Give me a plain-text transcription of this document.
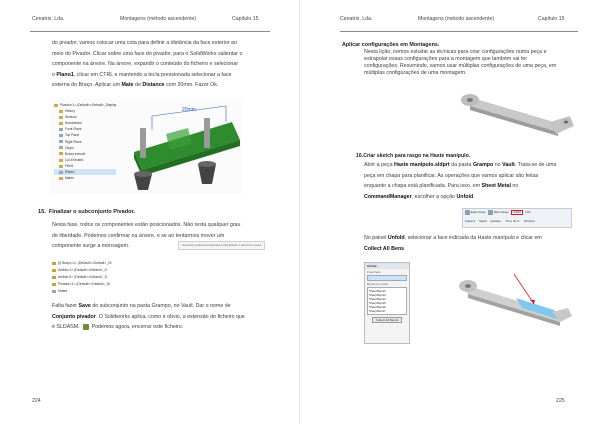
Cenatrix, Lda.	Montagens (método ascendente)	Capítulo 15
do pivador, vamos colocar uma cota para definir a distância da face exterior ao
meio do Pivador. Clicar sobre uma face do pivador, para o SolidWorks salientar o
componente na árvore. Na árvore, expandir o conteúdo do ficheiro e selecionar
o Plano1, clicar em CTRL e mantendo a tecla pressionada selecionar a face
externa do Braço. Aplicar um Mate de Distance com 20mm. Fazer Ok.
Pivador<1> (Default<<Default>_Display
History
Sensors
Annotations
Front Plane
Top Plane
Right Plane
Origin
Bossa extrude
Cut-Extrude1
Fillet1
Plane1
Mates
20mm
15. Finalizar o subconjunto Pivador.
Nesta fase, todos os componentes estão posicionados. Não resta qualquer grau
de liberdade. Podemos confirmar na árvore, e se ao tentarmos mover um
componente surge a mensagem.	Incorrectly positioned component is fully defined. It cannot be moved.
(f) Braço<1> (Default<<Default>_Di
Anilha<1> (Default<<Default>_D
Anilha<2> (Default<<Default>_D
Pivador<1> (Default<<Default>_Di
Mates
Falta fazer Save do subconjunto na pasta Grampo, no Vault. Dar o nome de
Conjunto pivador. O Solidworks aplica, como é obvio, a extensão do ficheiro que
é SLDASM. Podemos agora, encerrar este ficheiro.
224
Cenatrix, Lda.	Montagens (método ascendente)	Capítulo 15
Aplicar configurações em Montagens.
Nesta lição, iremos estudar as técnicas para criar configurações numa peça e
estrapolar essas configurações para a montagem que também vai ter
configurações. Resumindo, vamos usar múltiplas configurações de uma peça, em
múltiplas configurações de uma montagem.
16.Criar sketch para rasgo na Haste manípulo.
Abrir a peça Haste manipulo.sldprt da pasta Grampo no Vault. Trata-se de uma
peça em chapa para planificar. As operações que vamos aplicar são feitas
enquanto a chapa está planificada. Para isso, em Sheet Metal no
CommandManager, escolher a opção Unfold.
Edge Flange	Miter Flange Unfold Fold
Features Sketch Evaluate Sheet Metal DimXpert
No painel Unfold, selecionar a face indicada da Haste manípulo e clicar em
Collect All Bens
Unfold
Fixed face
Bends to unfold
SharpBend2
SharpBend3
SharpBend4
SharpBend5
SharpBend6
SharpBend7
Collect All Bends
225
